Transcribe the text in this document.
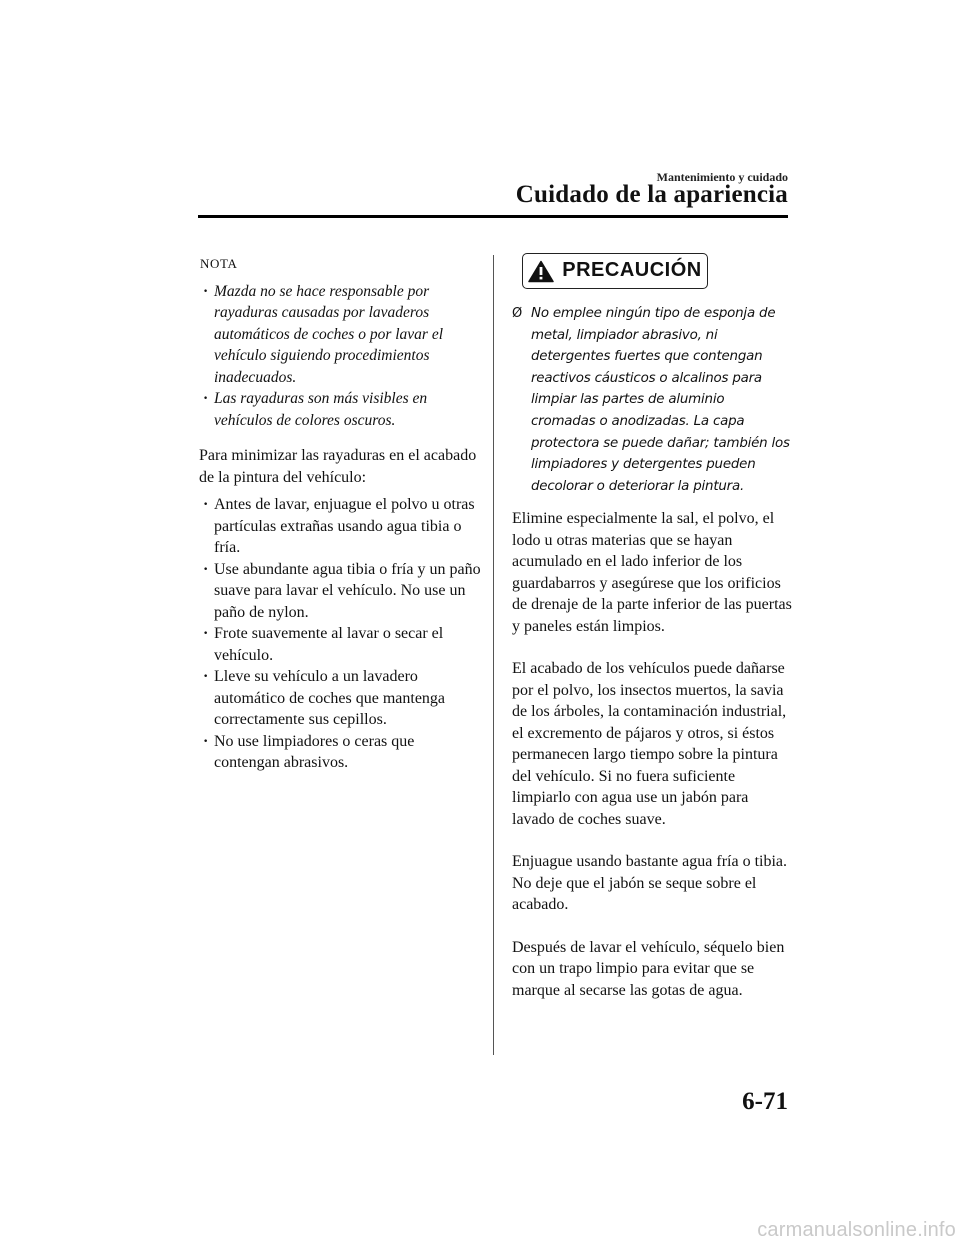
Mantenimiento y cuidado
Cuidado de la apariencia
NOTA
· Mazda no se hace responsable por rayaduras causadas por lavaderos automáticos de coches o por lavar el vehículo siguiendo procedimientos inadecuados.
· Las rayaduras son más visibles en vehículos de colores oscuros.

Para minimizar las rayaduras en el acabado de la pintura del vehículo:

· Antes de lavar, enjuague el polvo u otras partículas extrañas usando agua tibia o fría.
· Use abundante agua tibia o fría y un paño suave para lavar el vehículo. No use un paño de nylon.
· Frote suavemente al lavar o secar el vehículo.
· Lleve su vehículo a un lavadero automático de coches que mantenga correctamente sus cepillos.
· No use limpiadores o ceras que contengan abrasivos.
PRECAUCIÓN
Ø No emplee ningún tipo de esponja de metal, limpiador abrasivo, ni detergentes fuertes que contengan reactivos cáusticos o alcalinos para limpiar las partes de aluminio cromadas o anodizadas. La capa protectora se puede dañar; también los limpiadores y detergentes pueden decolorar o deteriorar la pintura.

Elimine especialmente la sal, el polvo, el lodo u otras materias que se hayan acumulado en el lado inferior de los guardabarros y asegúrese que los orificios de drenaje de la parte inferior de las puertas y paneles están limpios.

El acabado de los vehículos puede dañarse por el polvo, los insectos muertos, la savia de los árboles, la contaminación industrial, el excremento de pájaros y otros, si éstos permanecen largo tiempo sobre la pintura del vehículo. Si no fuera suficiente limpiarlo con agua use un jabón para lavado de coches suave.

Enjuague usando bastante agua fría o tibia. No deje que el jabón se seque sobre el acabado.

Después de lavar el vehículo, séquelo bien con un trapo limpio para evitar que se marque al secarse las gotas de agua.

6-71
carmanualsonline.info
